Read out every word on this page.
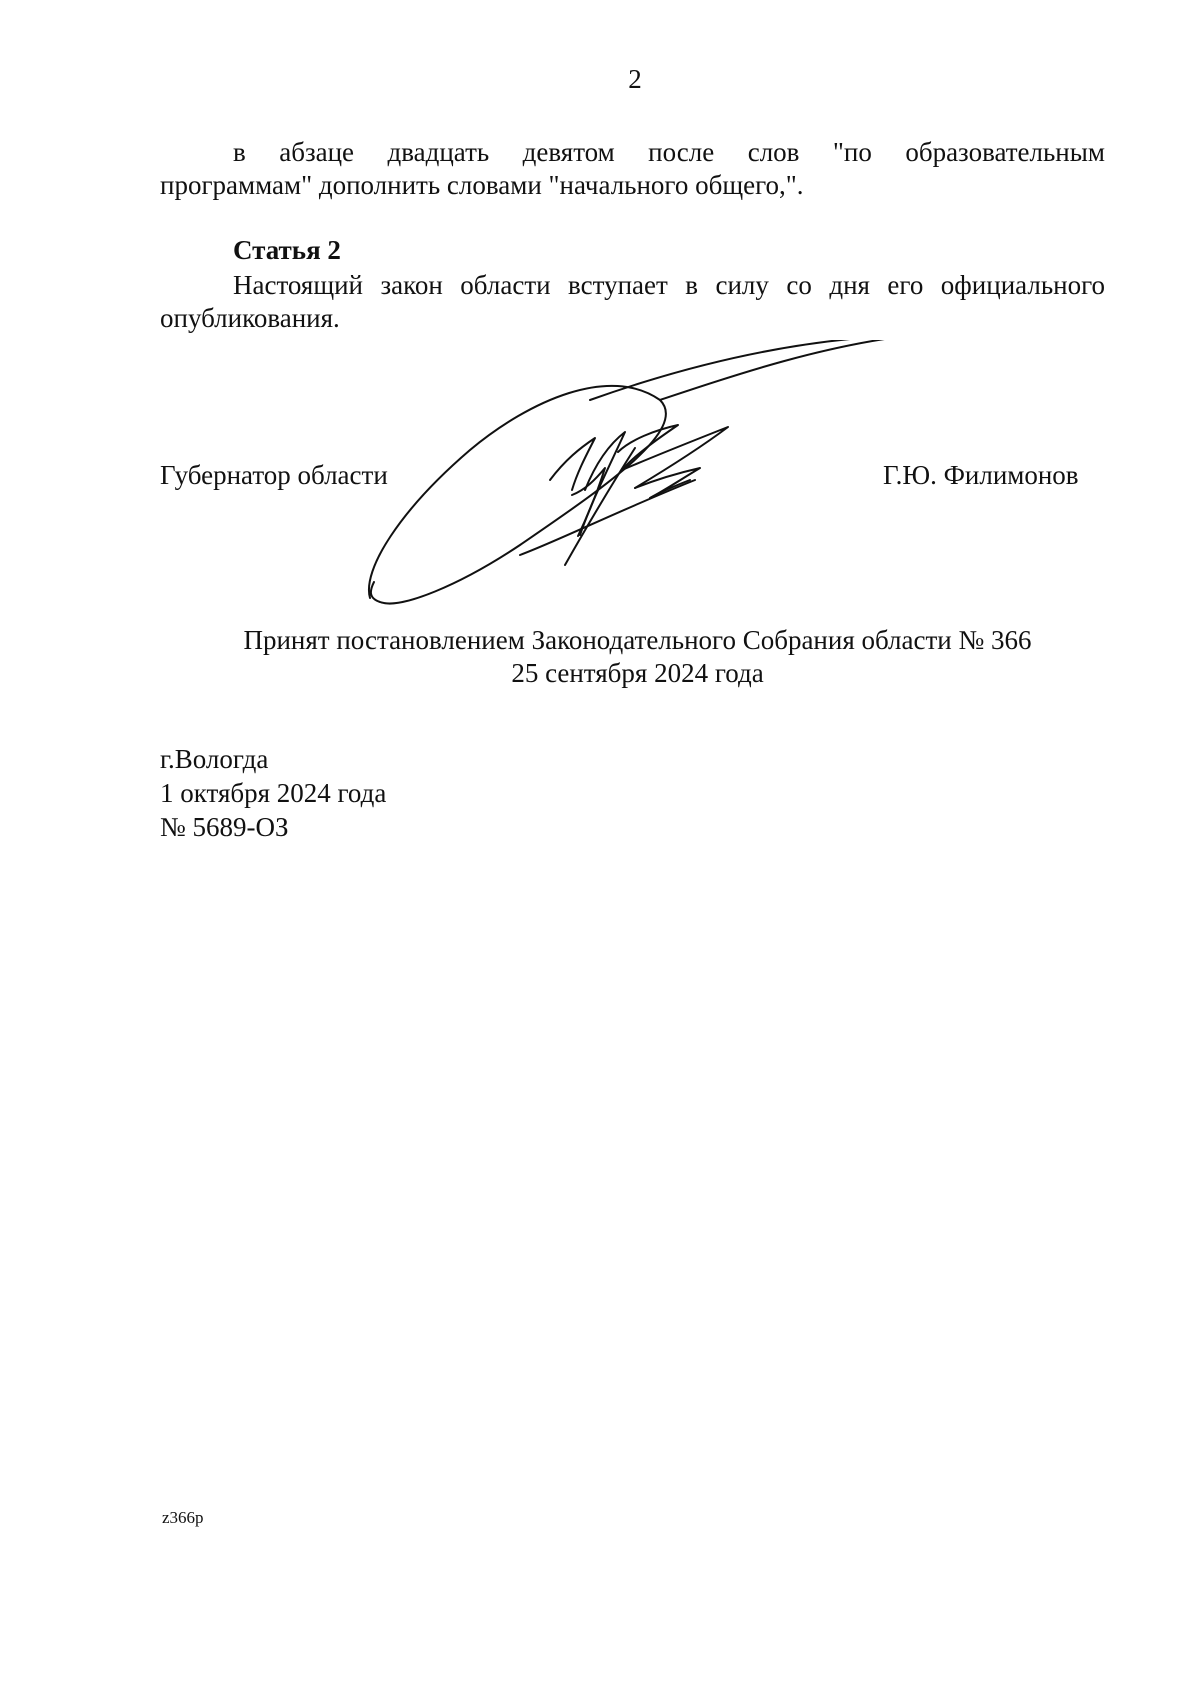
2
в абзаце двадцать девятом после слов "по образовательным
программам" дополнить словами "начального общего,".
Статья 2
Настоящий закон области вступает в силу со дня его официального
опубликования.
Губернатор области	Г.Ю. Филимонов
Принят постановлением Законодательного Собрания области № 366
25 сентября 2024 года
г.Вологда
1 октября 2024 года
№ 5689-ОЗ
z366p
